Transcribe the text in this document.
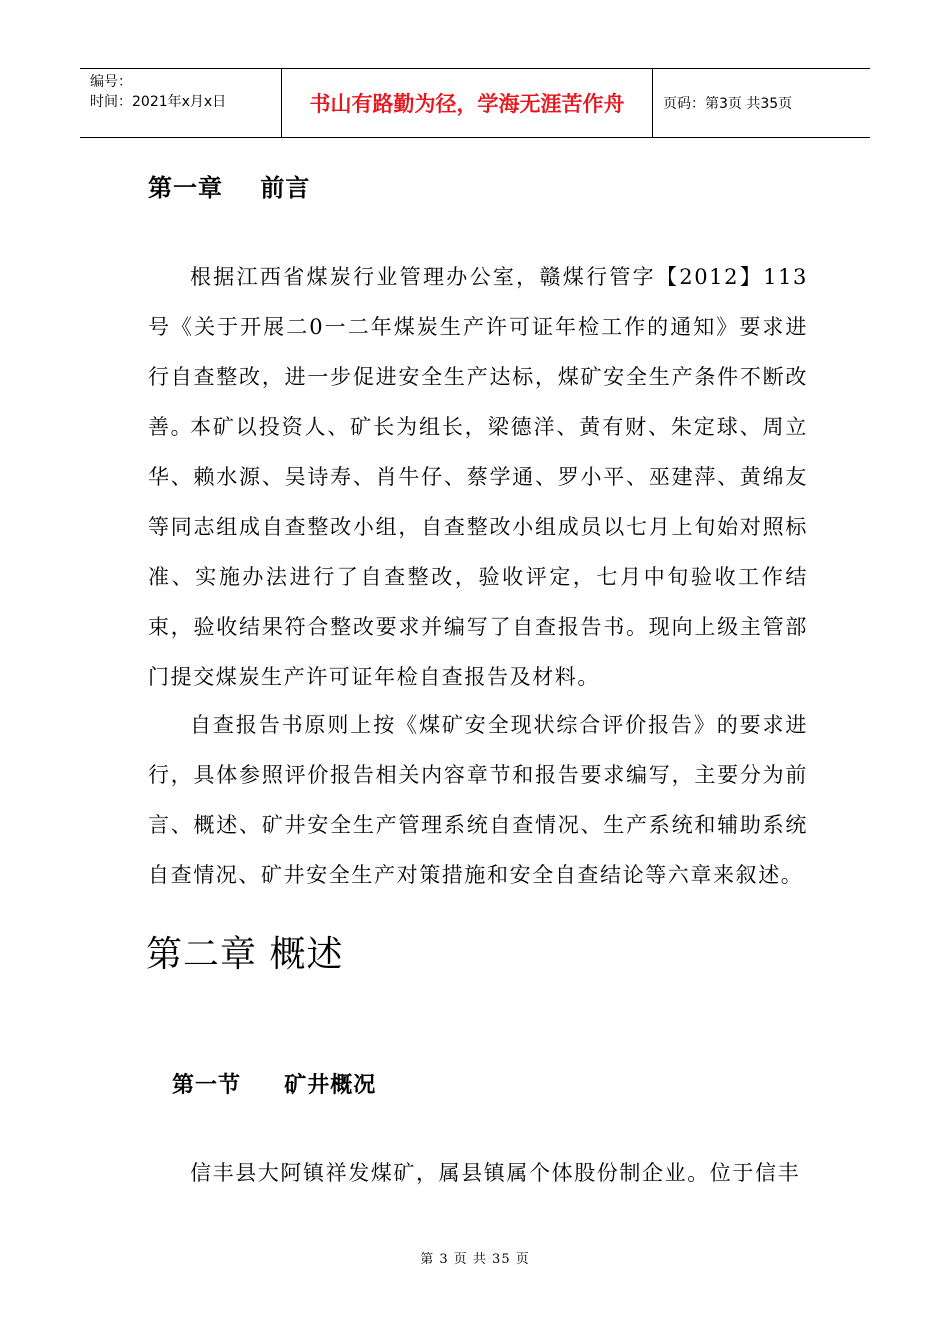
编号：
时间：2021年x月x日	书山有路勤为径，学海无涯苦作舟	页码：第3页 共35页
第一章    前言

根据江西省煤炭行业管理办公室，赣煤行管字【2012】113号《关于开展二0一二年煤炭生产许可证年检工作的通知》要求进行自查整改，进一步促进安全生产达标，煤矿安全生产条件不断改善。

本矿以投资人、矿长为组长，梁德洋、黄有财、朱定球、周立华、赖水源、吴诗寿、肖牛仔、蔡学通、罗小平、巫建萍、黄绵友等同志组成自查整改小组，自查整改小组成员以七月上旬始对照标准、实施办法进行了自查整改，验收评定，七月中旬验收工作结束，验收结果符合整改要求并编写了自查报告书。现向上级主管部门提交煤炭生产许可证年检自查报告及材料。

自查报告书原则上按《煤矿安全现状综合评价报告》的要求进行，具体参照评价报告相关内容章节和报告要求编写，主要分为前言、概述、矿井安全生产管理系统自查情况、生产系统和辅助系统自查情况、矿井安全生产对策措施和安全自查结论等六章来叙述。

第二章 概述
第一节     矿井概况

信丰县大阿镇祥发煤矿，属县镇属个体股份制企业。位于信丰

第 3 页 共 35 页
